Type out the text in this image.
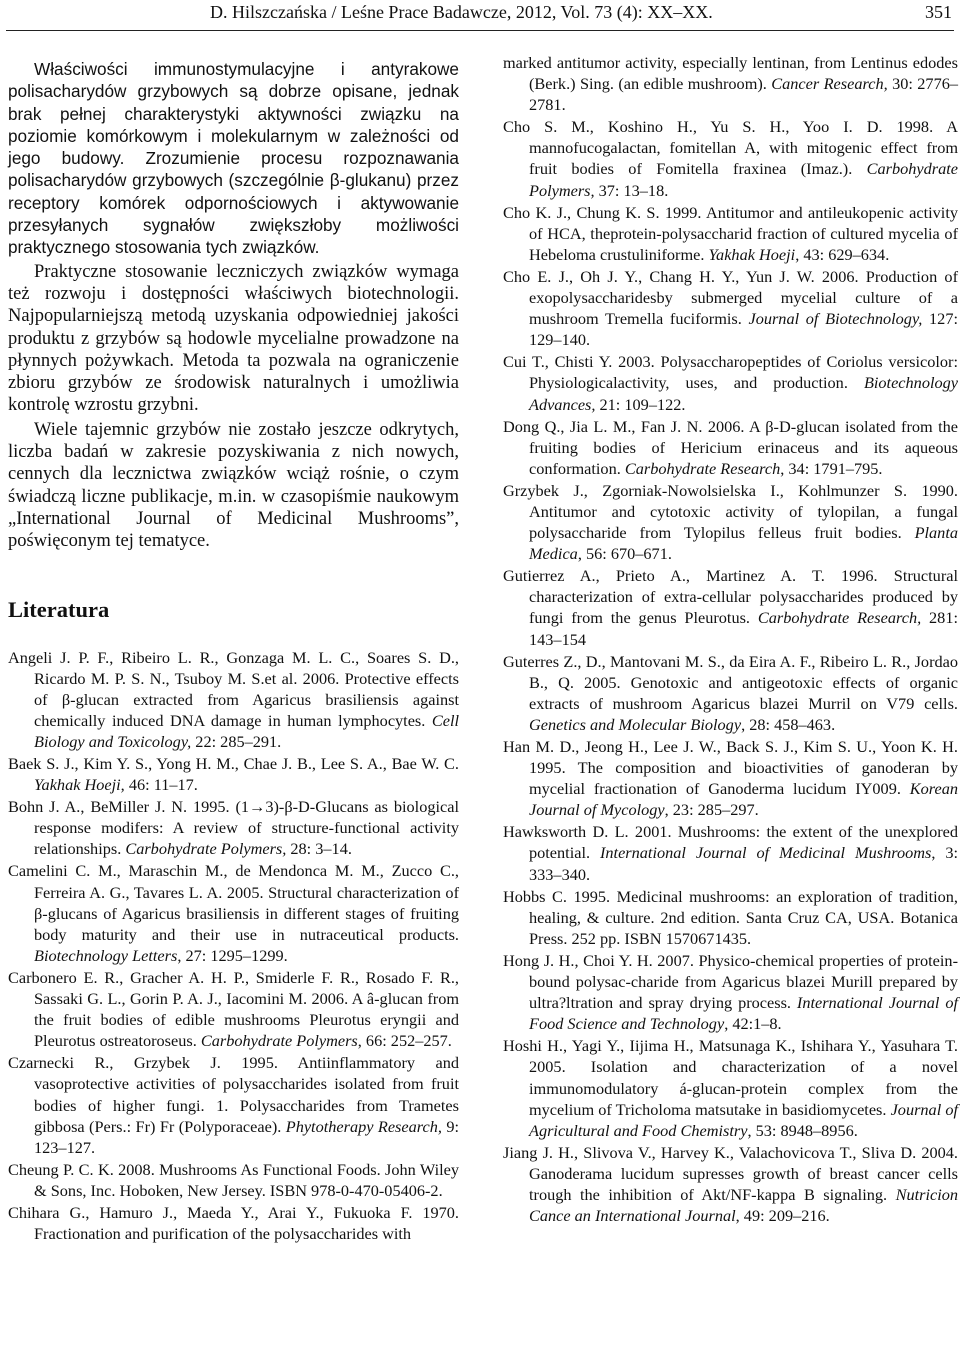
D. Hilszczańska / Leśne Prace Badawcze, 2012, Vol. 73 (4): XX–XX.	351

Właściwości immunostymulacyjne i antyrakowe polisacharydów grzybowych są dobrze opisane, jednak brak pełnej charakterystyki aktywności związku na poziomie komórkowym i molekularnym w zależności od jego budowy. Zrozumienie procesu rozpoznawania polisacharydów grzybowych (szczególnie β-glukanu) przez receptory komórek odpornościowych i aktywowanie przesyłanych sygnałów zwiększłoby możliwości praktycznego stosowania tych związków.

Praktyczne stosowanie leczniczych związków wymaga też rozwoju i dostępności właściwych biotechnologii. Najpopularniejszą metodą uzyskania odpowiedniej jakości produktu z grzybów są hodowle mycelialne prowadzone na płynnych pożywkach. Metoda ta pozwala na ograniczenie zbioru grzybów ze środowisk naturalnych i umożliwia kontrolę wzrostu grzybni.

Wiele tajemnic grzybów nie zostało jeszcze odkrytych, liczba badań w zakresie pozyskiwania z nich nowych, cennych dla lecznictwa związków wciąż rośnie, o czym świadczą liczne publikacje, m.in. w czasopiśmie naukowym „International Journal of Medicinal Mushrooms”, poświęconym tej tematyce.

Literatura
Angeli J. P. F., Ribeiro L. R., Gonzaga M. L. C., Soares S. D., Ricardo M. P. S. N., Tsuboy M. S.et al. 2006. Protective effects of β-glucan extracted from Agaricus brasiliensis against chemically induced DNA damage in human lymphocytes. Cell Biology and Toxicology, 22: 285–291.
Baek S. J., Kim Y. S., Yong H. M., Chae J. B., Lee S. A., Bae W. C. Yakhak Hoeji, 46: 11–17.
Bohn J. A., BeMiller J. N. 1995. (1→3)-β-D-Glucans as biological response modifers: A review of structure-functional activity relationships. Carbohydrate Polymers, 28: 3–14.
Camelini C. M., Maraschin M., de Mendonca M. M., Zucco C., Ferreira A. G., Tavares L. A. 2005. Structural characterization of β-glucans of Agaricus brasiliensis in different stages of fruiting body maturity and their use in nutraceutical products. Biotechnology Letters, 27: 1295–1299.
Carbonero E. R., Gracher A. H. P., Smiderle F. R., Rosado F. R., Sassaki G. L., Gorin P. A. J., Iacomini M. 2006. A â-glucan from the fruit bodies of edible mushrooms Pleurotus eryngii and Pleurotus ostreatoroseus. Carbohydrate Polymers, 66: 252–257.
Czarnecki R., Grzybek J. 1995. Antiinflammatory and vasoprotective activities of polysaccharides isolated from fruit bodies of higher fungi. 1. Polysaccharides from Trametes gibbosa (Pers.: Fr) Fr (Polyporaceae). Phytotherapy Research, 9: 123–127.
Cheung P. C. K. 2008. Mushrooms As Functional Foods. John Wiley & Sons, Inc. Hoboken, New Jersey. ISBN 978-0-470-05406-2.
Chihara G., Hamuro J., Maeda Y., Arai Y., Fukuoka F. 1970. Fractionation and purification of the polysaccharides with
marked antitumor activity, especially lentinan, from Lentinus edodes (Berk.) Sing. (an edible mushroom). Cancer Research, 30: 2776–2781.
Cho S. M., Koshino H., Yu S. H., Yoo I. D. 1998. A mannofucogalactan, fomitellan A, with mitogenic effect from fruit bodies of Fomitella fraxinea (Imaz.). Carbohydrate Polymers, 37: 13–18.
Cho K. J., Chung K. S. 1999. Antitumor and antileukopenic activity of HCA, theprotein-polysaccharid fraction of cultured mycelia of Hebeloma crustuliniforme. Yakhak Hoeji, 43: 629–634.
Cho E. J., Oh J. Y., Chang H. Y., Yun J. W. 2006. Production of exopolysaccharidesby submerged mycelial culture of a mushroom Tremella fuciformis. Journal of Biotechnology, 127: 129–140.
Cui T., Chisti Y. 2003. Polysaccharopeptides of Coriolus versicolor: Physiologicalactivity, uses, and production. Biotechnology Advances, 21: 109–122.
Dong Q., Jia L. M., Fan J. N. 2006. A β-D-glucan isolated from the fruiting bodies of Hericium erinaceus and its aqueous conformation. Carbohydrate Research, 34: 1791–795.
Grzybek J., Zgorniak-Nowolsielska I., Kohlmunzer S. 1990. Antitumor and cytotoxic activity of tylopilan, a fungal polysaccharide from Tylopilus felleus fruit bodies. Planta Medica, 56: 670–671.
Gutierrez A., Prieto A., Martinez A. T. 1996. Structural characterization of extra-cellular polysaccharides produced by fungi from the genus Pleurotus. Carbohydrate Research, 281: 143–154
Guterres Z., D., Mantovani M. S., da Eira A. F., Ribeiro L. R., Jordao B., Q. 2005. Genotoxic and antigeotoxic effects of organic extracts of mushroom Agaricus blazei Murril on V79 cells. Genetics and Molecular Biology, 28: 458–463.
Han M. D., Jeong H., Lee J. W., Back S. J., Kim S. U., Yoon K. H. 1995. The composition and bioactivities of ganoderan by mycelial fractionation of Ganoderma lucidum IY009. Korean Journal of Mycology, 23: 285–297.
Hawksworth D. L. 2001. Mushrooms: the extent of the unexplored potential. International Journal of Medicinal Mushrooms, 3: 333–340.
Hobbs C. 1995. Medicinal mushrooms: an exploration of tradition, healing, & culture. 2nd edition. Santa Cruz CA, USA. Botanica Press. 252 pp. ISBN 1570671435.
Hong J. H., Choi Y. H. 2007. Physico-chemical properties of protein-bound polysac-charide from Agaricus blazei Murill prepared by ultra?ltration and spray drying process. International Journal of Food Science and Technology, 42:1–8.
Hoshi H., Yagi Y., Iijima H., Matsunaga K., Ishihara Y., Yasuhara T. 2005. Isolation and characterization of a novel immunomodulatory á-glucan-protein complex from the mycelium of Tricholoma matsutake in basidiomycetes. Journal of Agricultural and Food Chemistry, 53: 8948–8956.
Jiang J. H., Slivova V., Harvey K., Valachovicova T., Sliva D. 2004. Ganoderama lucidum supresses growth of breast cancer cells trough the inhibition of Akt/NF-kappa B signaling. Nutricion Cance an International Journal, 49: 209–216.
